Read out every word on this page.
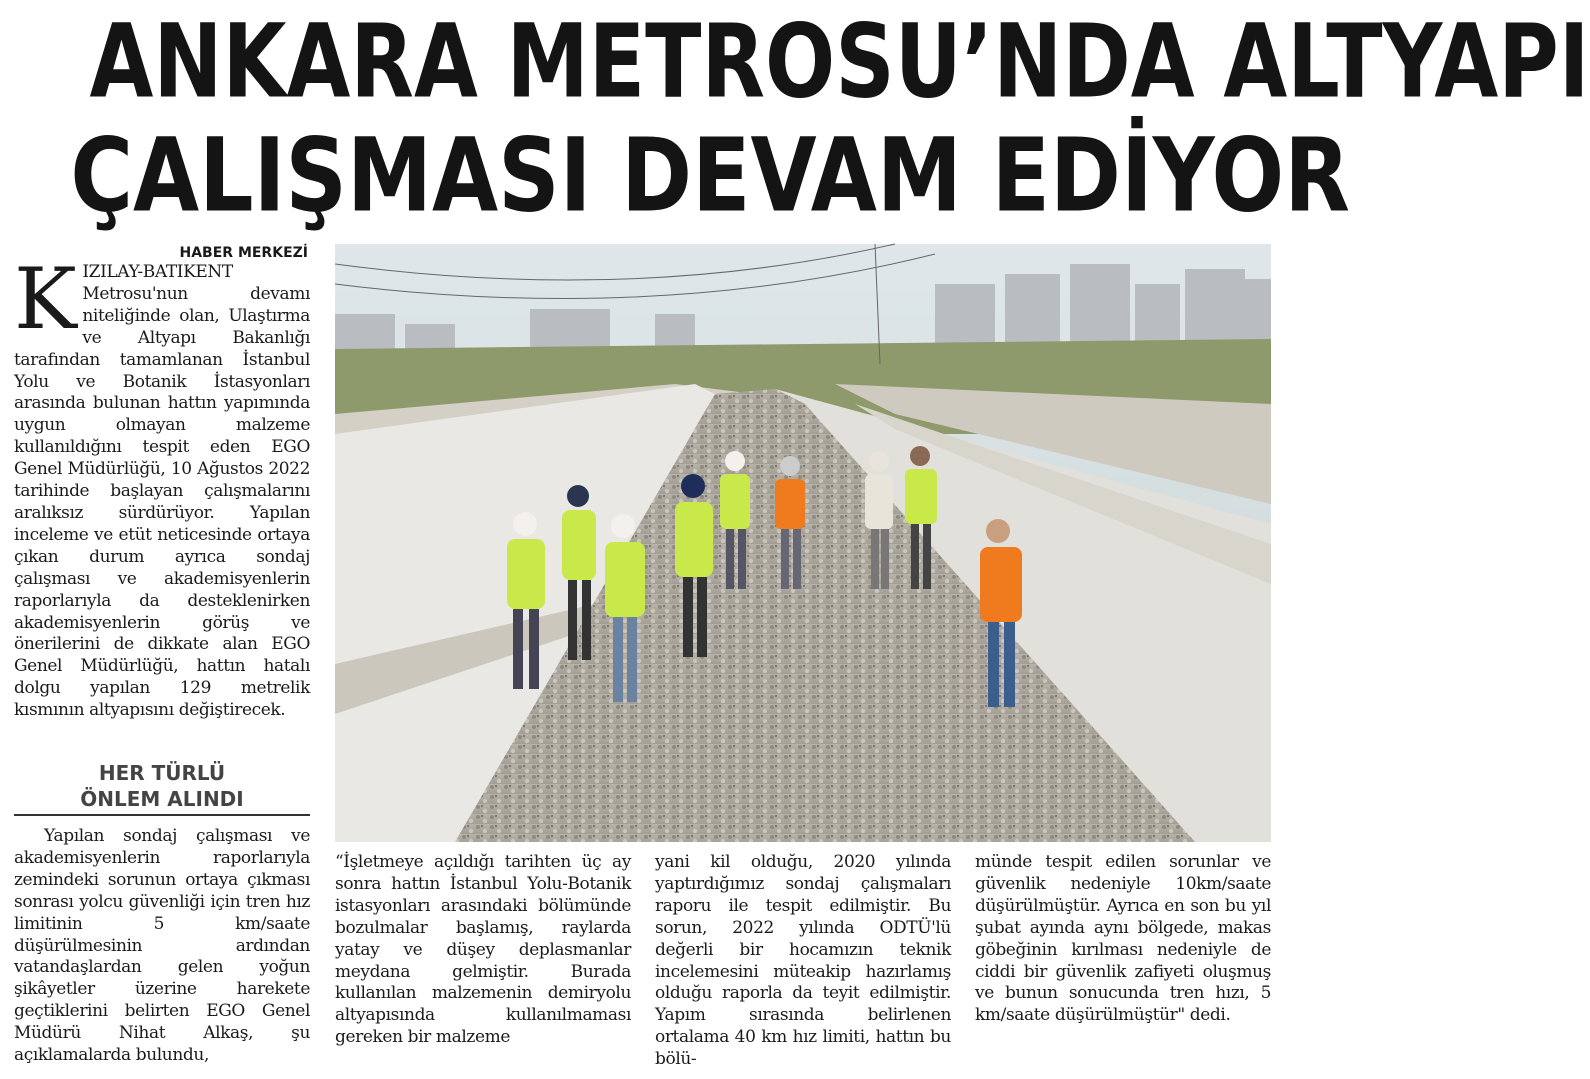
ANKARA METROSU’NDA ALTYAPI
ÇALIŞMASI DEVAM EDİYOR
HABER MERKEZİ
K IZILAY-BATIKENT Metrosu'nun devamı niteliğinde olan, Ulaştırma ve Altyapı Bakanlığı tarafından tamamlanan İstanbul Yolu ve Botanik İstasyonları arasında bulunan hattın yapımında uygun olmayan malzeme kullanıldığını tespit eden EGO Genel Müdürlüğü, 10 Ağustos 2022 tarihinde başlayan çalışmalarını aralıksız sürdürüyor. Yapılan inceleme ve etüt neticesinde ortaya çıkan durum ayrıca sondaj çalışması ve akademisyenlerin raporlarıyla da desteklenirken akademisyenlerin görüş ve önerilerini de dikkate alan EGO Genel Müdürlüğü, hattın hatalı dolgu yapılan 129 metrelik kısmının altyapısını değiştirecek.

HER TÜRLÜ
ÖNLEM ALINDI

Yapılan sondaj çalışması ve akademisyenlerin raporlarıyla zemindeki sorunun ortaya çıkması sonrası yolcu güvenliği için tren hız limitinin 5 km/saate düşürülmesinin ardından vatandaşlardan gelen yoğun şikâyetler üzerine harekete geçtiklerini belirten EGO Genel Müdürü Nihat Alkaş, şu açıklamalarda bulundu,

“İşletmeye açıldığı tarihten üç ay sonra hattın İstanbul Yolu-Botanik istasyonları arasındaki bölümünde bozulmalar başlamış, raylarda yatay ve düşey deplasmanlar meydana gelmiştir. Burada kullanılan malzemenin demiryolu altyapısında kullanılmaması gereken bir malzeme

yani kil olduğu, 2020 yılında yaptırdığımız sondaj çalışmaları raporu ile tespit edilmiştir. Bu sorun, 2022 yılında ODTÜ'lü değerli bir hocamızın teknik incelemesini müteakip hazırlamış olduğu raporla da teyit edilmiştir. Yapım sırasında belirlenen ortalama 40 km hız limiti, hattın bu bölü-

münde tespit edilen sorunlar ve güvenlik nedeniyle 10km/saate düşürülmüştür. Ayrıca en son bu yıl şubat ayında aynı bölgede, makas göbeğinin kırılması nedeniyle de ciddi bir güvenlik zafiyeti oluşmuş ve bunun sonucunda tren hızı, 5 km/saate düşürülmüştür" dedi.
